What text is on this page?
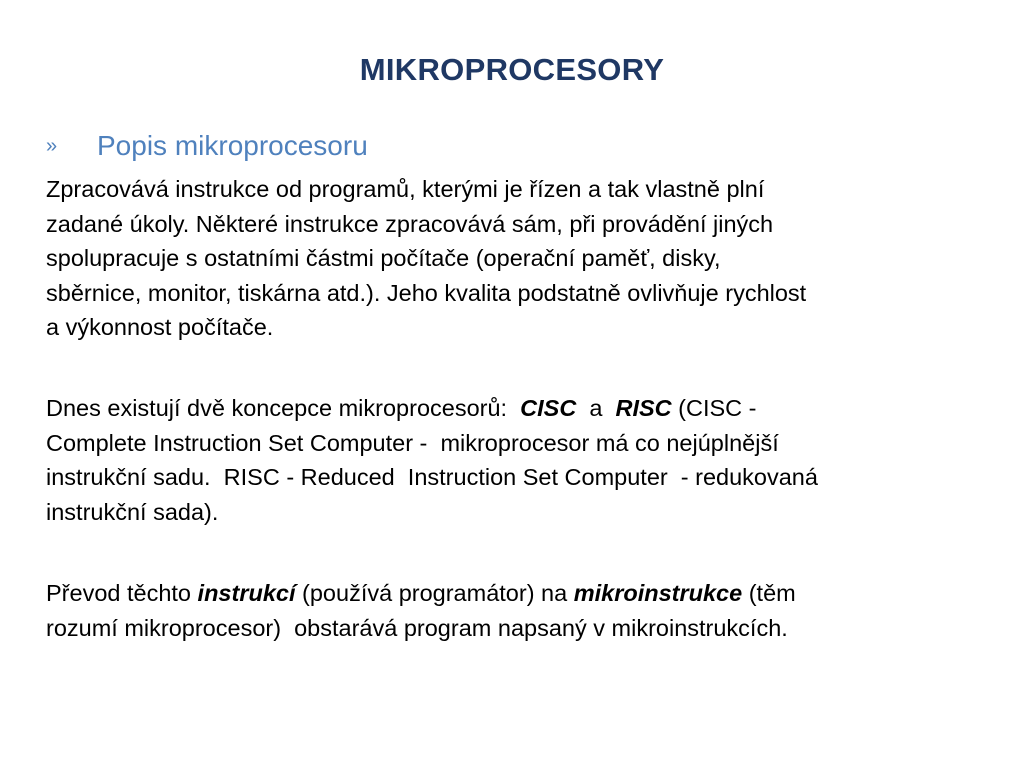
MIKROPROCESORY
»	Popis mikroprocesoru
Zpracovává instrukce od programů, kterými je řízen a tak vlastně plní
zadané úkoly. Některé instrukce zpracovává sám, při provádění jiných
spolupracuje s ostatními částmi počítače (operační paměť, disky,
sběrnice, monitor, tiskárna atd.). Jeho kvalita podstatně ovlivňuje rychlost
a výkonnost počítače.
Dnes existují dvě koncepce mikroprocesorů:  CISC  a  RISC (CISC -
Complete Instruction Set Computer -  mikroprocesor má co nejúplnější
instrukční sadu.  RISC - Reduced  Instruction Set Computer  - redukovaná
instrukční sada).
Převod těchto instrukcí (používá programátor) na mikroinstrukce (těm
rozumí mikroprocesor)  obstarává program napsaný v mikroinstrukcích.
